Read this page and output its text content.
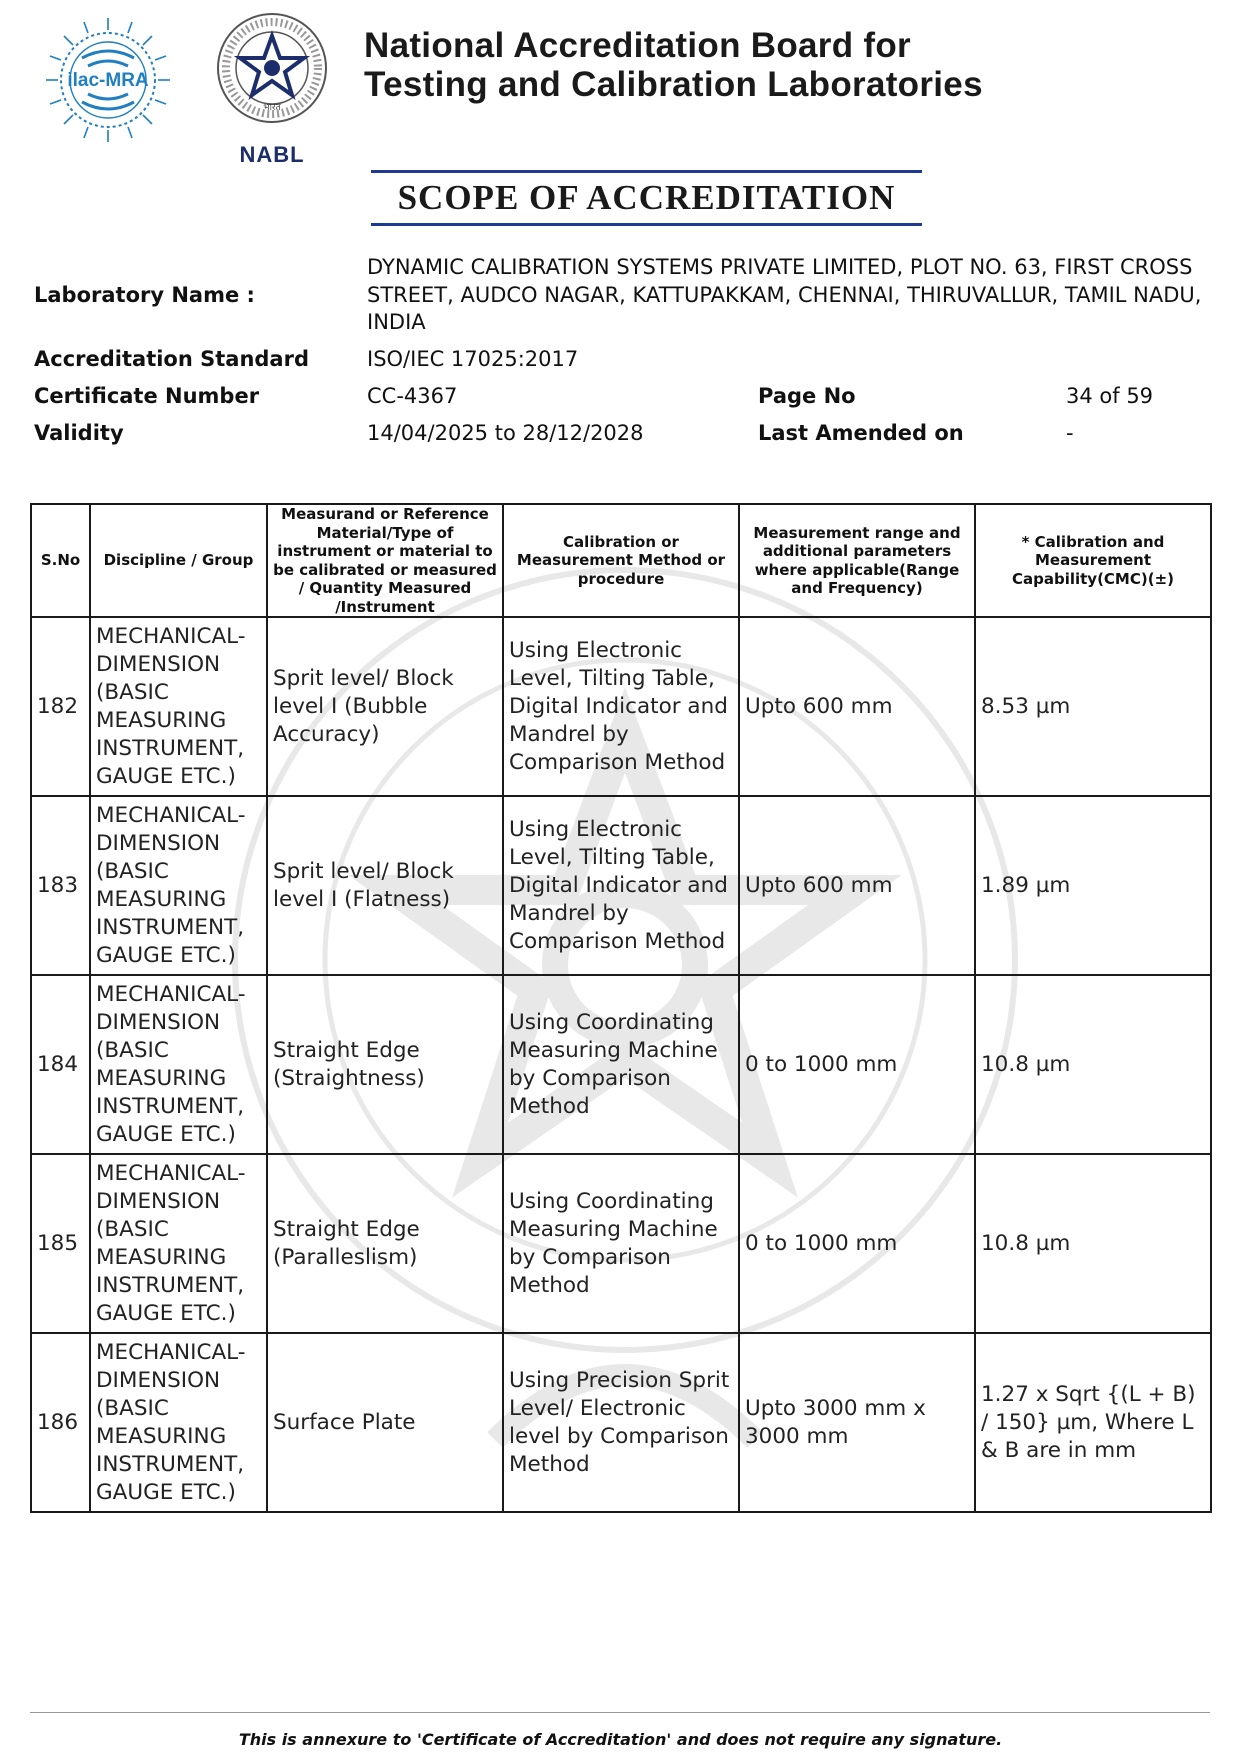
ilac-MRA
भारत
NABL
National Accreditation Board for
Testing and Calibration Laboratories
SCOPE OF ACCREDITATION
Laboratory Name :
DYNAMIC CALIBRATION SYSTEMS PRIVATE LIMITED, PLOT NO. 63, FIRST CROSS STREET, AUDCO NAGAR, KATTUPAKKAM, CHENNAI, THIRUVALLUR, TAMIL NADU, INDIA
Accreditation Standard	ISO/IEC 17025:2017
Certificate Number	CC-4367	Page No	34 of 59
Validity	14/04/2025 to 28/12/2028	Last Amended on	-
S.No	Discipline / Group	Measurand or Reference Material/Type of instrument or material to be calibrated or measured / Quantity Measured /Instrument	Calibration or Measurement Method or procedure	Measurement range and additional parameters where applicable(Range and Frequency)	* Calibration and Measurement Capability(CMC)(±)
182	MECHANICAL- DIMENSION (BASIC MEASURING INSTRUMENT, GAUGE ETC.)	Sprit level/ Block level I (Bubble Accuracy)	Using Electronic Level, Tilting Table, Digital Indicator and Mandrel by Comparison Method	Upto 600 mm	8.53 µm
183	MECHANICAL- DIMENSION (BASIC MEASURING INSTRUMENT, GAUGE ETC.)	Sprit level/ Block level I (Flatness)	Using Electronic Level, Tilting Table, Digital Indicator and Mandrel by Comparison Method	Upto 600 mm	1.89 µm
184	MECHANICAL- DIMENSION (BASIC MEASURING INSTRUMENT, GAUGE ETC.)	Straight Edge (Straightness)	Using Coordinating Measuring Machine by Comparison Method	0 to 1000 mm	10.8 µm
185	MECHANICAL- DIMENSION (BASIC MEASURING INSTRUMENT, GAUGE ETC.)	Straight Edge (Paralleslism)	Using Coordinating Measuring Machine by Comparison Method	0 to 1000 mm	10.8 µm
186	MECHANICAL- DIMENSION (BASIC MEASURING INSTRUMENT, GAUGE ETC.)	Surface Plate	Using Precision Sprit Level/ Electronic level by Comparison Method	Upto 3000 mm x 3000 mm	1.27 x Sqrt {(L + B) / 150} µm, Where L & B are in mm
This is annexure to 'Certificate of Accreditation' and does not require any signature.
